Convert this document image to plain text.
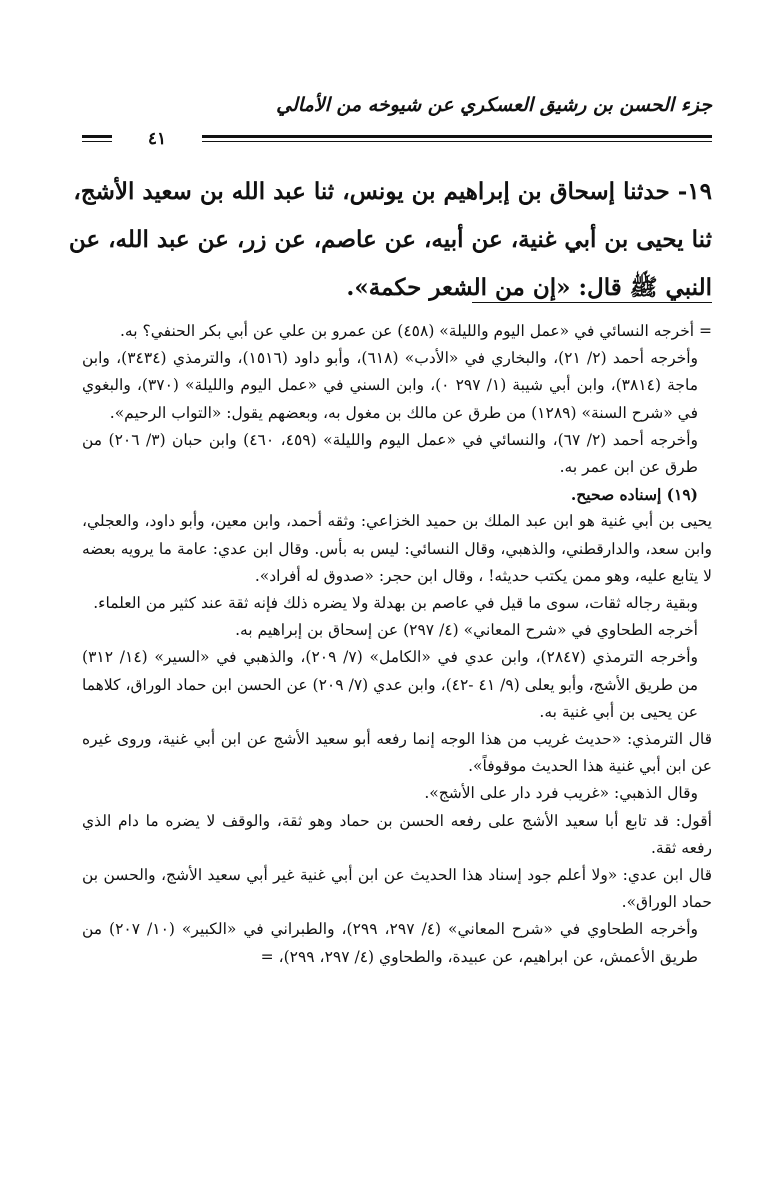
جزء الحسن بن رشيق العسكري عن شيوخه من الأمالي
٤١
١٩- حدثنا إسحاق بن إبراهيم بن يونس، ثنا عبد الله بن سعيد الأشج،
ثنا يحيى بن أبي غنية، عن أبيه، عن عاصم، عن زر، عن عبد الله، عن
النبي ﷺ قال: «إن من الشعر حكمة».

= أخرجه النسائي في «عمل اليوم والليلة» (٤٥٨) عن عمرو بن علي عن أبي بكر الحنفي؟ به.

وأخرجه أحمد (٢/ ٢١)، والبخاري في «الأدب» (٦١٨)، وأبو داود (١٥١٦)، والترمذي (٣٤٣٤)، وابن ماجة (٣٨١٤)، وابن أبي شيبة (١/ ٢٩٧ ٠)، وابن السني في «عمل اليوم والليلة» (٣٧٠)، والبغوي في «شرح السنة» (١٢٨٩) من طرق عن مالك بن مغول به، وبعضهم يقول: «التواب الرحيم».

وأخرجه أحمد (٢/ ٦٧)، والنسائي في «عمل اليوم والليلة» (٤٥٩، ٤٦٠) وابن حبان (٣/ ٢٠٦) من طرق عن ابن عمر به.

(١٩) إسناده صحيح.

يحيى بن أبي غنية هو ابن عبد الملك بن حميد الخزاعي: وثقه أحمد، وابن معين، وأبو داود، والعجلي، وابن سعد، والدارقطني، والذهبي، وقال النسائي: ليس به بأس. وقال ابن عدي: عامة ما يرويه بعضه لا يتابع عليه، وهو ممن يكتب حديثه! ، وقال ابن حجر: «صدوق له أفراد».

وبقية رجاله ثقات، سوى ما قيل في عاصم بن بهدلة ولا يضره ذلك فإنه ثقة عند كثير من العلماء.

أخرجه الطحاوي في «شرح المعاني» (٤/ ٢٩٧) عن إسحاق بن إبراهيم به.

وأخرجه الترمذي (٢٨٤٧)، وابن عدي في «الكامل» (٧/ ٢٠٩)، والذهبي في «السير» (١٤/ ٣١٢) من طريق الأشج، وأبو يعلى (٩/ ٤١ -٤٢)، وابن عدي (٧/ ٢٠٩) عن الحسن ابن حماد الوراق، كلاهما عن يحيى بن أبي غنية به.

قال الترمذي: «حديث غريب من هذا الوجه إنما رفعه أبو سعيد الأشج عن ابن أبي غنية، وروى غيره عن ابن أبي غنية هذا الحديث موقوفاً».

وقال الذهبي: «غريب فرد دار على الأشج».

أقول: قد تابع أبا سعيد الأشج على رفعه الحسن بن حماد وهو ثقة، والوقف لا يضره ما دام الذي رفعه ثقة.

قال ابن عدي: «ولا أعلم جود إسناد هذا الحديث عن ابن أبي غنية غير أبي سعيد الأشج، والحسن بن حماد الوراق».

وأخرجه الطحاوي في «شرح المعاني» (٤/ ٢٩٧، ٢٩٩)، والطبراني في «الكبير» (١٠/ ٢٠٧) من طريق الأعمش، عن ابراهيم، عن عبيدة، والطحاوي (٤/ ٢٩٧، ٢٩٩)، =
